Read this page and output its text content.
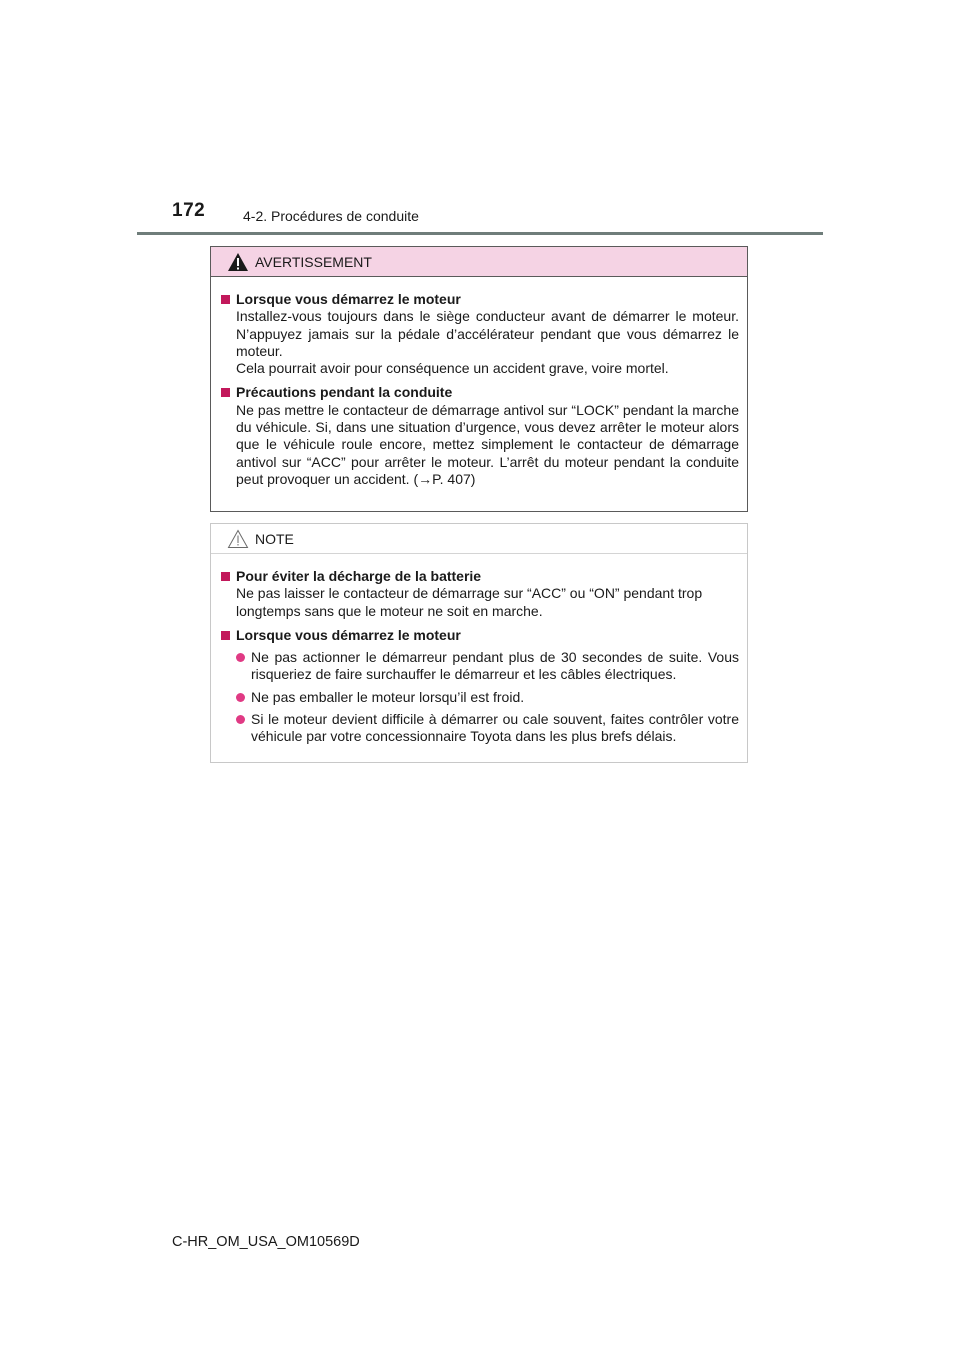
172	4-2. Procédures de conduite
AVERTISSEMENT
Lorsque vous démarrez le moteur
Installez-vous toujours dans le siège conducteur avant de démarrer le moteur. N’appuyez jamais sur la pédale d’accélérateur pendant que vous démarrez le moteur.
Cela pourrait avoir pour conséquence un accident grave, voire mortel.
Précautions pendant la conduite
Ne pas mettre le contacteur de démarrage antivol sur “LOCK” pendant la marche du véhicule. Si, dans une situation d’urgence, vous devez arrêter le moteur alors que le véhicule roule encore, mettez simplement le contacteur de démarrage antivol sur “ACC” pour arrêter le moteur. L’arrêt du moteur pendant la conduite peut provoquer un accident. (→P. 407)
NOTE
Pour éviter la décharge de la batterie
Ne pas laisser le contacteur de démarrage sur “ACC” ou “ON” pendant trop longtemps sans que le moteur ne soit en marche.
Lorsque vous démarrez le moteur
Ne pas actionner le démarreur pendant plus de 30 secondes de suite. Vous risqueriez de faire surchauffer le démarreur et les câbles électriques.
Ne pas emballer le moteur lorsqu’il est froid.
Si le moteur devient difficile à démarrer ou cale souvent, faites contrôler votre véhicule par votre concessionnaire Toyota dans les plus brefs délais.
C-HR_OM_USA_OM10569D
